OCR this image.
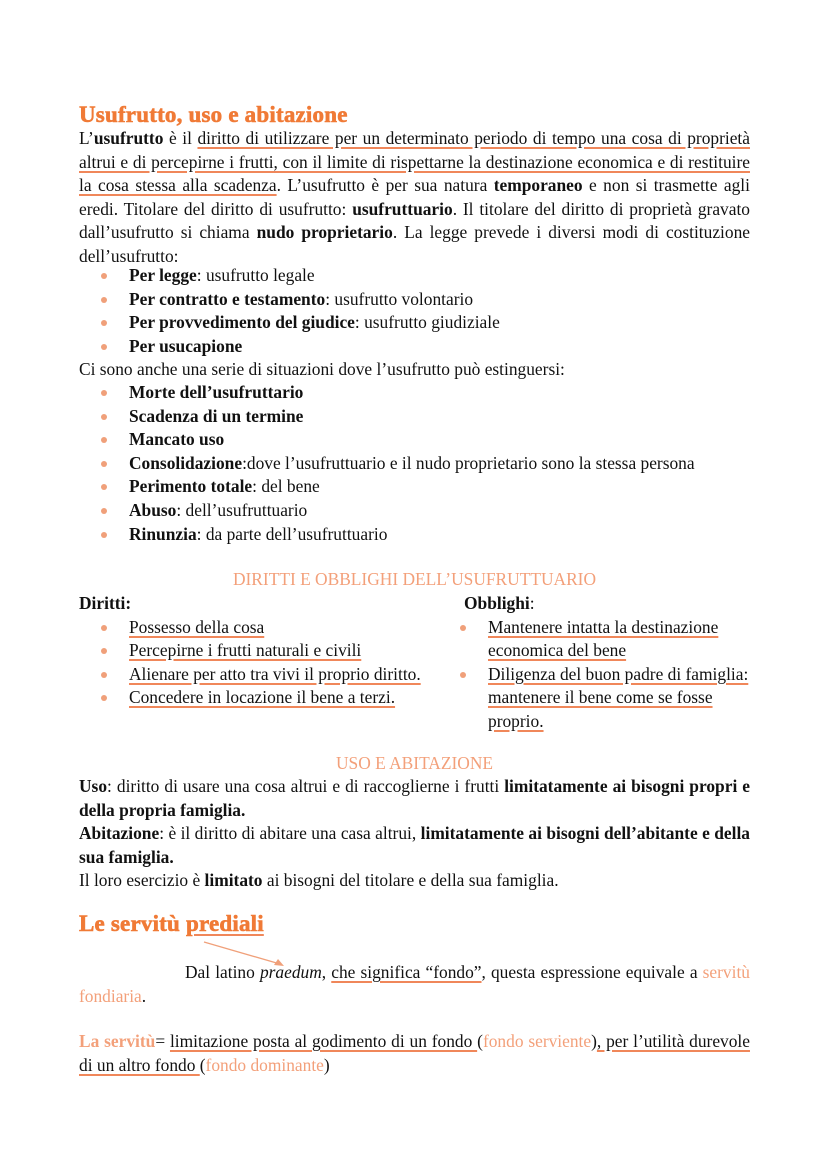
Usufrutto, uso e abitazione
L’usufrutto è il diritto di utilizzare per un determinato periodo di tempo una cosa di proprietà altrui e di percepirne i frutti, con il limite di rispettarne la destinazione economica e di restituire la cosa stessa alla scadenza. L’usufrutto è per sua natura temporaneo e non si trasmette agli eredi. Titolare del diritto di usufrutto: usufruttuario. Il titolare del diritto di proprietà gravato dall’usufrutto si chiama nudo proprietario. La legge prevede i diversi modi di costituzione dell’usufrutto:
Per legge: usufrutto legale
Per contratto e testamento: usufrutto volontario
Per provvedimento del giudice: usufrutto giudiziale
Per usucapione
Ci sono anche una serie di situazioni dove l’usufrutto può estinguersi:
Morte dell’usufruttario
Scadenza di un termine
Mancato uso
Consolidazione:dove l’usufruttuario e il nudo proprietario sono la stessa persona
Perimento totale: del bene
Abuso: dell’usufruttuario
Rinunzia: da parte dell’usufruttuario
DIRITTI E OBBLIGHI DELL’USUFRUTTUARIO
Diritti:
Possesso della cosa
Percepirne i frutti naturali e civili
Alienare per atto tra vivi il proprio diritto.
Concedere in locazione il bene a terzi.
Obblighi:
Mantenere intatta la destinazione economica del bene
Diligenza del buon padre di famiglia: mantenere il bene come se fosse proprio.
USO E ABITAZIONE
Uso: diritto di usare una cosa altrui e di raccoglierne i frutti limitatamente ai bisogni propri e della propria famiglia.
Abitazione: è il diritto di abitare una casa altrui, limitatamente ai bisogni dell’abitante e della sua famiglia.
Il loro esercizio è limitato ai bisogni del titolare e della sua famiglia.
Le servitù prediali
Dal latino praedum, che significa “fondo”, questa espressione equivale a servitù fondiaria.
La servitù= limitazione posta al godimento di un fondo (fondo serviente), per l’utilità durevole di un altro fondo (fondo dominante)
